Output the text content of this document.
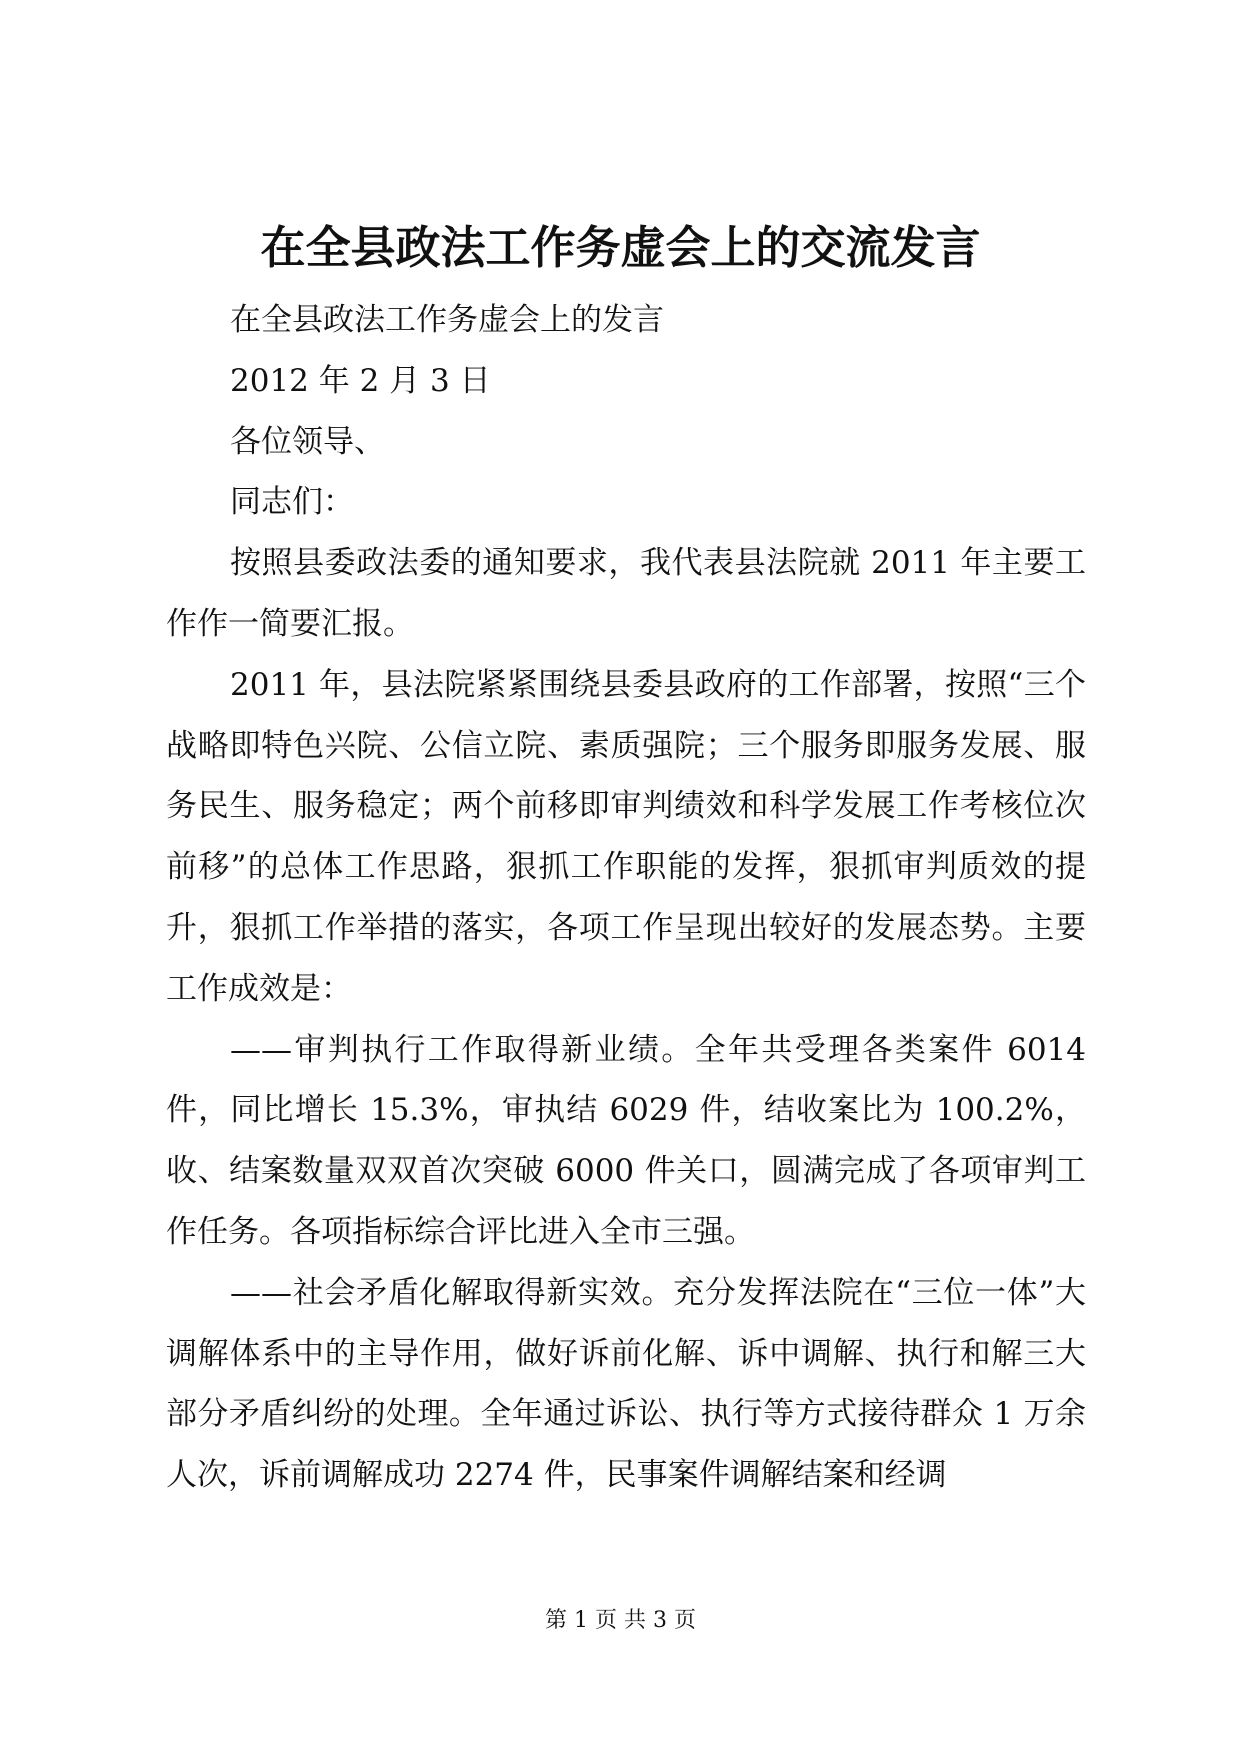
在全县政法工作务虚会上的交流发言

在全县政法工作务虚会上的发言

2012 年 2 月 3 日

各位领导、

同志们：

按照县委政法委的通知要求，我代表县法院就 2011 年主要工作作一简要汇报。

2011 年，县法院紧紧围绕县委县政府的工作部署，按照“三个战略即特色兴院、公信立院、素质强院；三个服务即服务发展、服务民生、服务稳定；两个前移即审判绩效和科学发展工作考核位次前移”的总体工作思路，狠抓工作职能的发挥，狠抓审判质效的提升，狠抓工作举措的落实，各项工作呈现出较好的发展态势。主要工作成效是：

——审判执行工作取得新业绩。全年共受理各类案件 6014 件，同比增长 15.3%，审执结 6029 件，结收案比为 100.2%，收、结案数量双双首次突破 6000 件关口，圆满完成了各项审判工作任务。各项指标综合评比进入全市三强。

——社会矛盾化解取得新实效。充分发挥法院在“三位一体”大调解体系中的主导作用，做好诉前化解、诉中调解、执行和解三大部分矛盾纠纷的处理。全年通过诉讼、执行等方式接待群众 1 万余人次，诉前调解成功 2274 件，民事案件调解结案和经调

第 1 页 共 3 页
